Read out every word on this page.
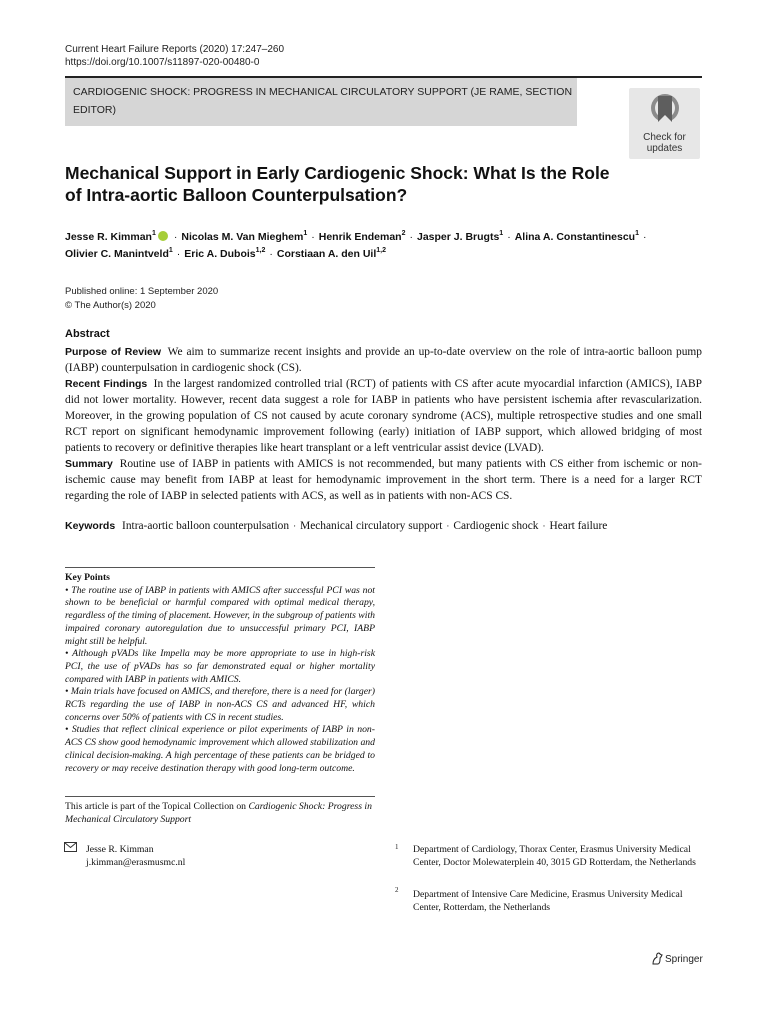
Current Heart Failure Reports (2020) 17:247–260
https://doi.org/10.1007/s11897-020-00480-0
CARDIOGENIC SHOCK: PROGRESS IN MECHANICAL CIRCULATORY SUPPORT (JE RAME, SECTION EDITOR)
Check for
updates
Mechanical Support in Early Cardiogenic Shock: What Is the Role of Intra-aortic Balloon Counterpulsation?
Jesse R. Kimman$^1$ · Nicolas M. Van Mieghem$^1$ · Henrik Endeman$^2$ · Jasper J. Brugts$^1$ · Alina A. Constantinescu$^1$ ·
Olivier C. Manintveld$^1$ · Eric A. Dubois$^{1,2}$ · Corstiaan A. den Uil$^{1,2}$
Published online: 1 September 2020
© The Author(s) 2020
Abstract

Purpose of Review We aim to summarize recent insights and provide an up-to-date overview on the role of intra-aortic balloon pump (IABP) counterpulsation in cardiogenic shock (CS).

Recent Findings In the largest randomized controlled trial (RCT) of patients with CS after acute myocardial infarction (AMICS), IABP did not lower mortality. However, recent data suggest a role for IABP in patients who have persistent ischemia after revascularization. Moreover, in the growing population of CS not caused by acute coronary syndrome (ACS), multiple retrospective studies and one small RCT report on significant hemodynamic improvement following (early) initiation of IABP support, which allowed bridging of most patients to recovery or definitive therapies like heart transplant or a left ventricular assist device (LVAD).

Summary Routine use of IABP in patients with AMICS is not recommended, but many patients with CS either from ischemic or non-ischemic cause may benefit from IABP at least for hemodynamic improvement in the short term. There is a need for a larger RCT regarding the role of IABP in selected patients with ACS, as well as in patients with non-ACS CS.

Keywords Intra-aortic balloon counterpulsation · Mechanical circulatory support · Cardiogenic shock · Heart failure
Key Points
• The routine use of IABP in patients with AMICS after successful PCI was not shown to be beneficial or harmful compared with optimal medical therapy, regardless of the timing of placement. However, in the subgroup of patients with impaired coronary autoregulation due to unsuccessful primary PCI, IABP might still be helpful.
• Although pVADs like Impella may be more appropriate to use in high-risk PCI, the use of pVADs has so far demonstrated equal or higher mortality compared with IABP in patients with AMICS.
• Main trials have focused on AMICS, and therefore, there is a need for (larger) RCTs regarding the use of IABP in non-ACS CS and advanced HF, which concerns over 50% of patients with CS in recent studies.
• Studies that reflect clinical experience or pilot experiments of IABP in non-ACS CS show good hemodynamic improvement which allowed stabilization and clinical decision-making. A high percentage of these patients can be bridged to recovery or may receive destination therapy with good long-term outcome.
This article is part of the Topical Collection on Cardiogenic Shock: Progress in Mechanical Circulatory Support
Jesse R. Kimman
j.kimman@erasmusmc.nl
1 Department of Cardiology, Thorax Center, Erasmus University Medical Center, Doctor Molewaterplein 40, 3015 GD Rotterdam, the Netherlands
2 Department of Intensive Care Medicine, Erasmus University Medical Center, Rotterdam, the Netherlands
Springer
